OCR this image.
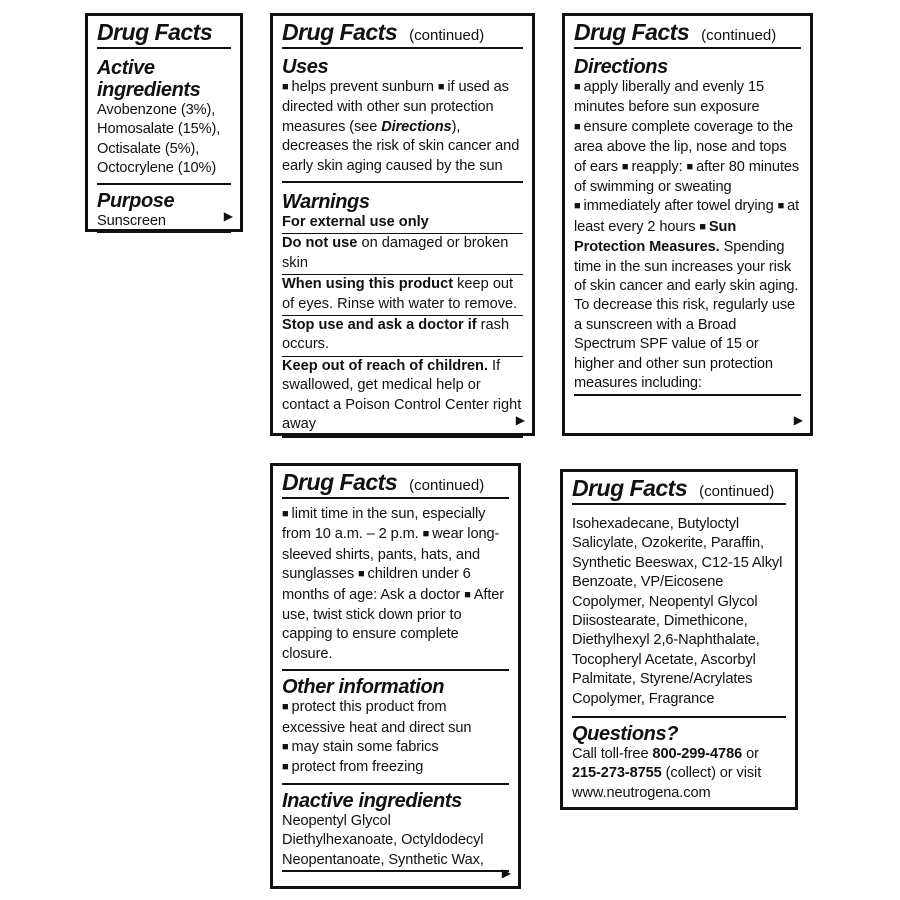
Drug Facts
Active ingredients
Avobenzone (3%),
Homosalate (15%),
Octisalate (5%),
Octocrylene (10%)
Purpose
Sunscreen	▶
Drug Facts (continued)
Uses
■ helps prevent sunburn ■ if used as directed with other sun protection measures (see Directions), decreases the risk of skin cancer and early skin aging caused by the sun
Warnings
For external use only
Do not use on damaged or broken skin
When using this product keep out of eyes. Rinse with water to remove.
Stop use and ask a doctor if rash occurs.
Keep out of reach of children. If swallowed, get medical help or contact a Poison Control Center right away	▶
Drug Facts (continued)
Directions
■ apply liberally and evenly 15 minutes before sun exposure ■ ensure complete coverage to the area above the lip, nose and tops of ears ■ reapply: ■ after 80 minutes of swimming or sweating ■ immediately after towel drying ■ at least every 2 hours ■ Sun Protection Measures. Spending time in the sun increases your risk of skin cancer and early skin aging. To decrease this risk, regularly use a sunscreen with a Broad Spectrum SPF value of 15 or higher and other sun protection measures including:
▶
Drug Facts (continued)
■ limit time in the sun, especially from 10 a.m. – 2 p.m. ■ wear long-sleeved shirts, pants, hats, and sunglasses ■ children under 6 months of age: Ask a doctor ■ After use, twist stick down prior to capping to ensure complete closure.
Other information
■ protect this product from excessive heat and direct sun
■ may stain some fabrics
■ protect from freezing
Inactive ingredients
Neopentyl Glycol Diethylhexanoate, Octyldodecyl Neopentanoate, Synthetic Wax,
▶
Drug Facts (continued)
Isohexadecane, Butyloctyl Salicylate, Ozokerite, Paraffin, Synthetic Beeswax, C12-15 Alkyl Benzoate, VP/Eicosene Copolymer, Neopentyl Glycol Diisostearate, Dimethicone, Diethylhexyl 2,6-Naphthalate, Tocopheryl Acetate, Ascorbyl Palmitate, Styrene/Acrylates Copolymer, Fragrance
Questions?
Call toll-free 800-299-4786 or 215-273-8755 (collect) or visit www.neutrogena.com
